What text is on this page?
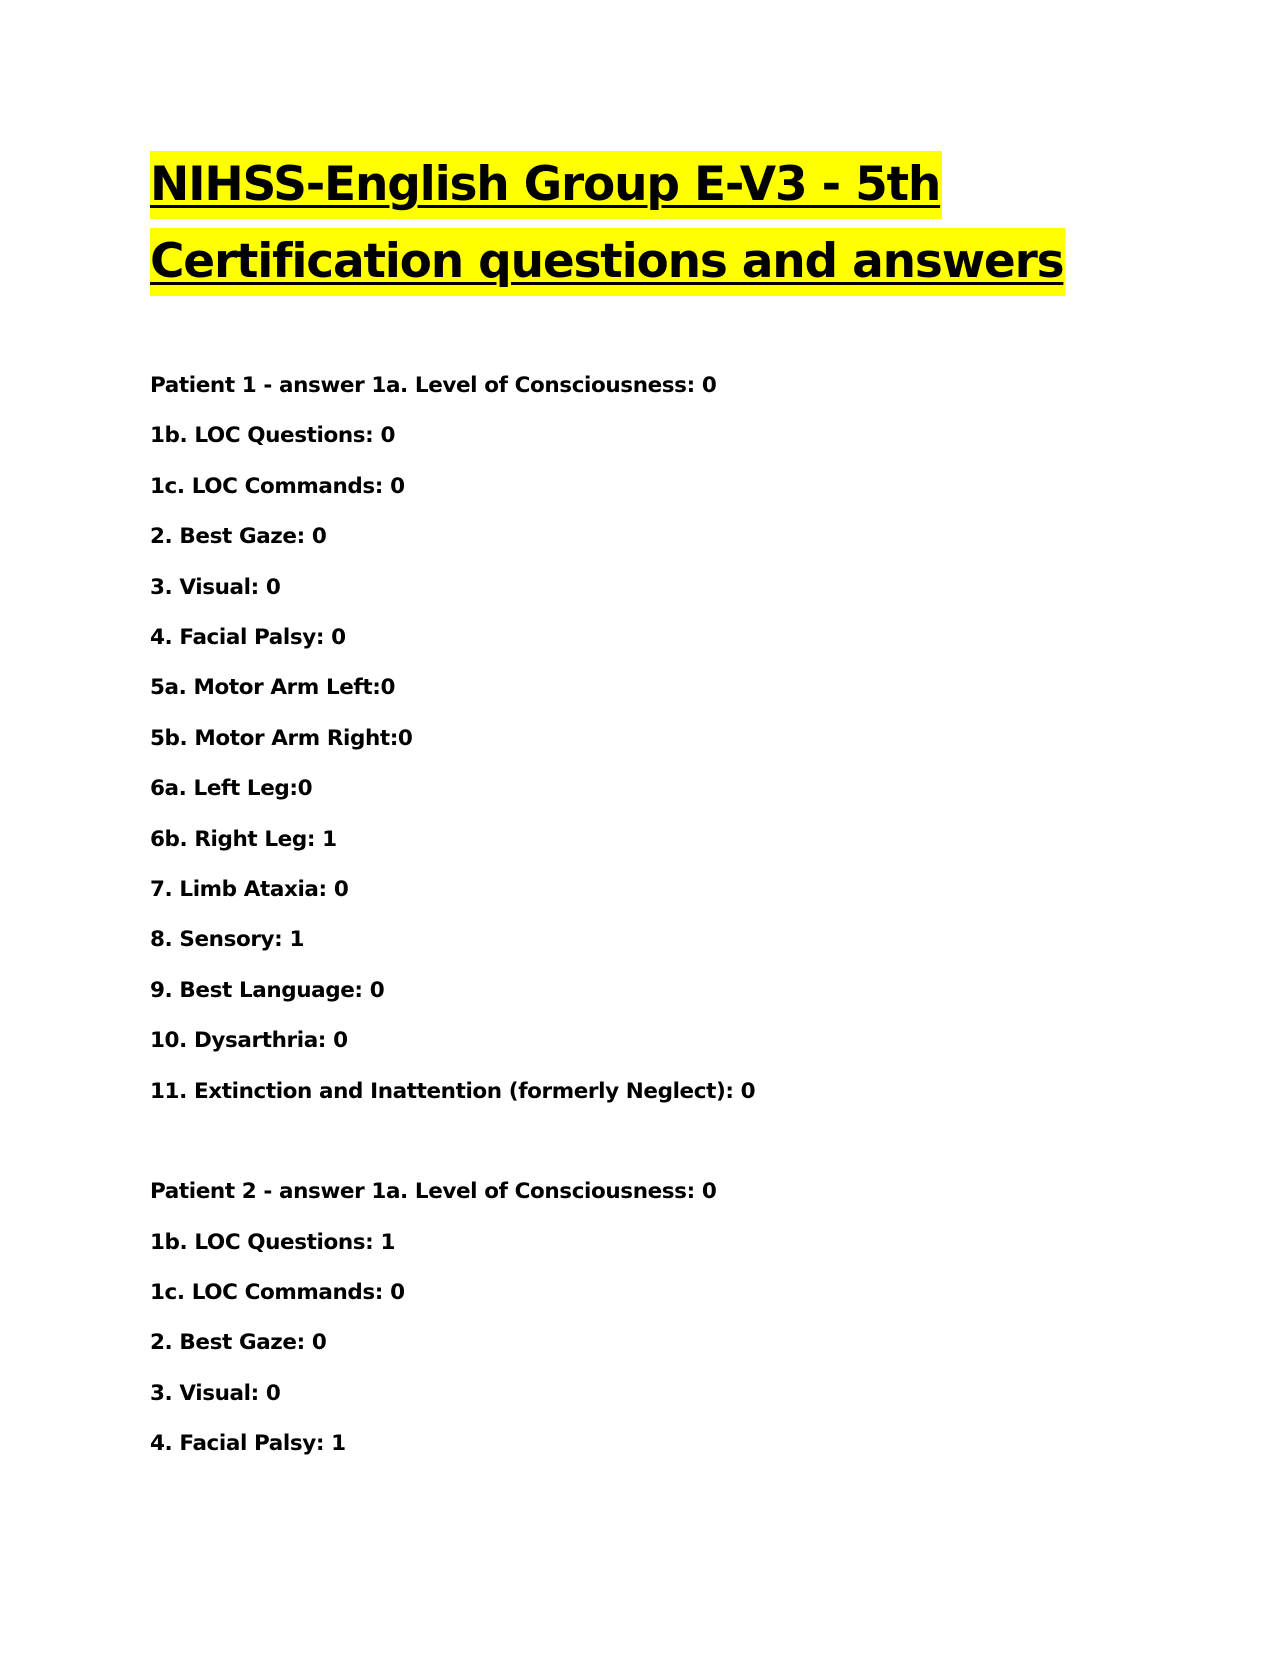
NIHSS-English Group E-V3 - 5th
Certification questions and answers
Patient 1 - answer 1a. Level of Consciousness: 0
1b. LOC Questions: 0
1c. LOC Commands: 0
2. Best Gaze: 0
3. Visual: 0
4. Facial Palsy: 0
5a. Motor Arm Left:0
5b. Motor Arm Right:0
6a. Left Leg:0
6b. Right Leg: 1
7. Limb Ataxia: 0
8. Sensory: 1
9. Best Language: 0
10. Dysarthria: 0
11. Extinction and Inattention (formerly Neglect): 0
Patient 2 - answer 1a. Level of Consciousness: 0
1b. LOC Questions: 1
1c. LOC Commands: 0
2. Best Gaze: 0
3. Visual: 0
4. Facial Palsy: 1
